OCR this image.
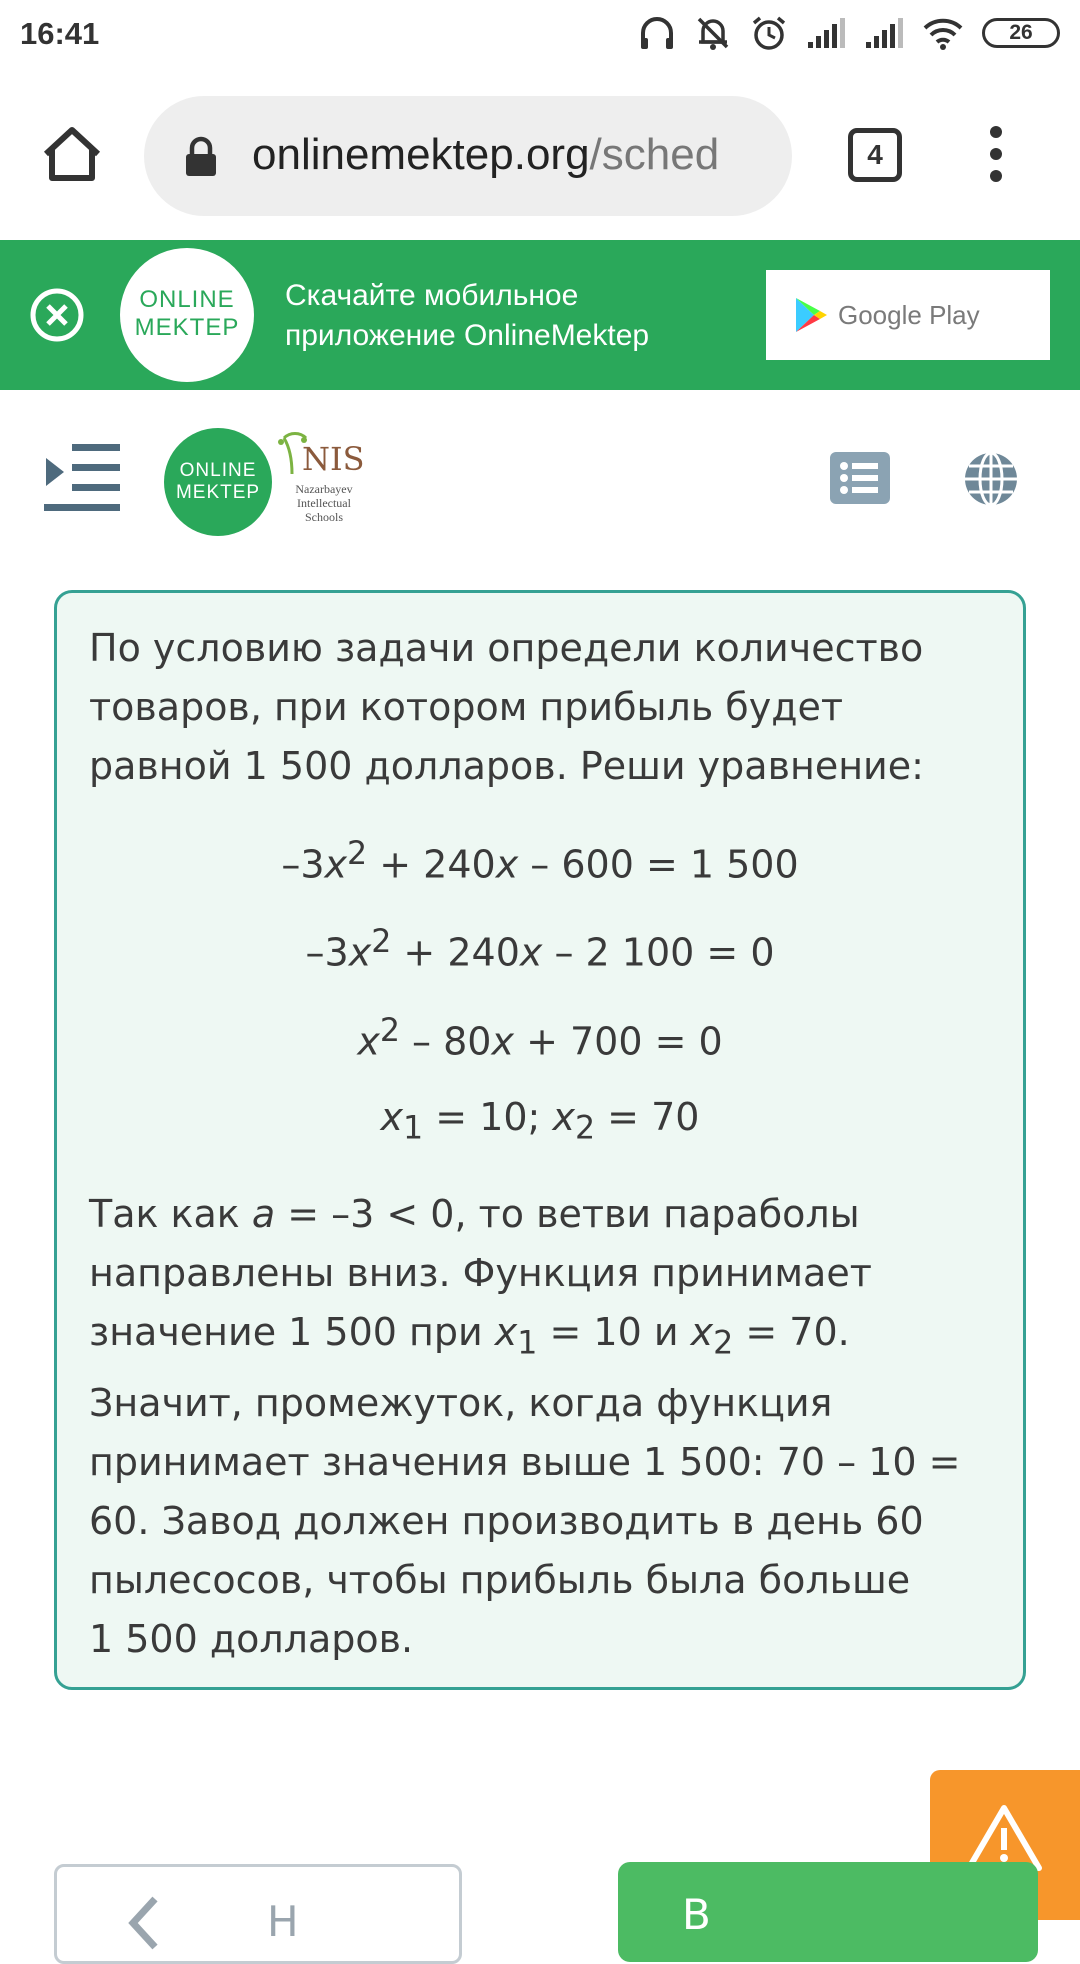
16:41	26
onlinemektep.org/sched	4
ONLINE
MEKTEP
Скачайте мобильное
приложение OnlineMektep
Google Play
ONLINE
MEKTEP
NIS
Nazarbayev
Intellectual
Schools
По условию задачи определи количество
товаров, при котором прибыль будет
равной 1 500 долларов. Реши уравнение:
$-3x^2 + 240x - 600 = 1$ 500
$-3x^2 + 240x - 2$ 100 = 0
$x^2 - 80x + 700 = 0$
$x_1 = 10$; $x_2 = 70$
Так как a = –3 < 0, то ветви параболы
направлены вниз. Функция принимает
значение 1 500 при $x_1 = 10$ и $x_2 = 70$.
Значит, промежуток, когда функция
принимает значения выше 1 500: 70 – 10 =
60. Завод должен производить в день 60
пылесосов, чтобы прибыль была больше
1 500 долларов.
Н	В
